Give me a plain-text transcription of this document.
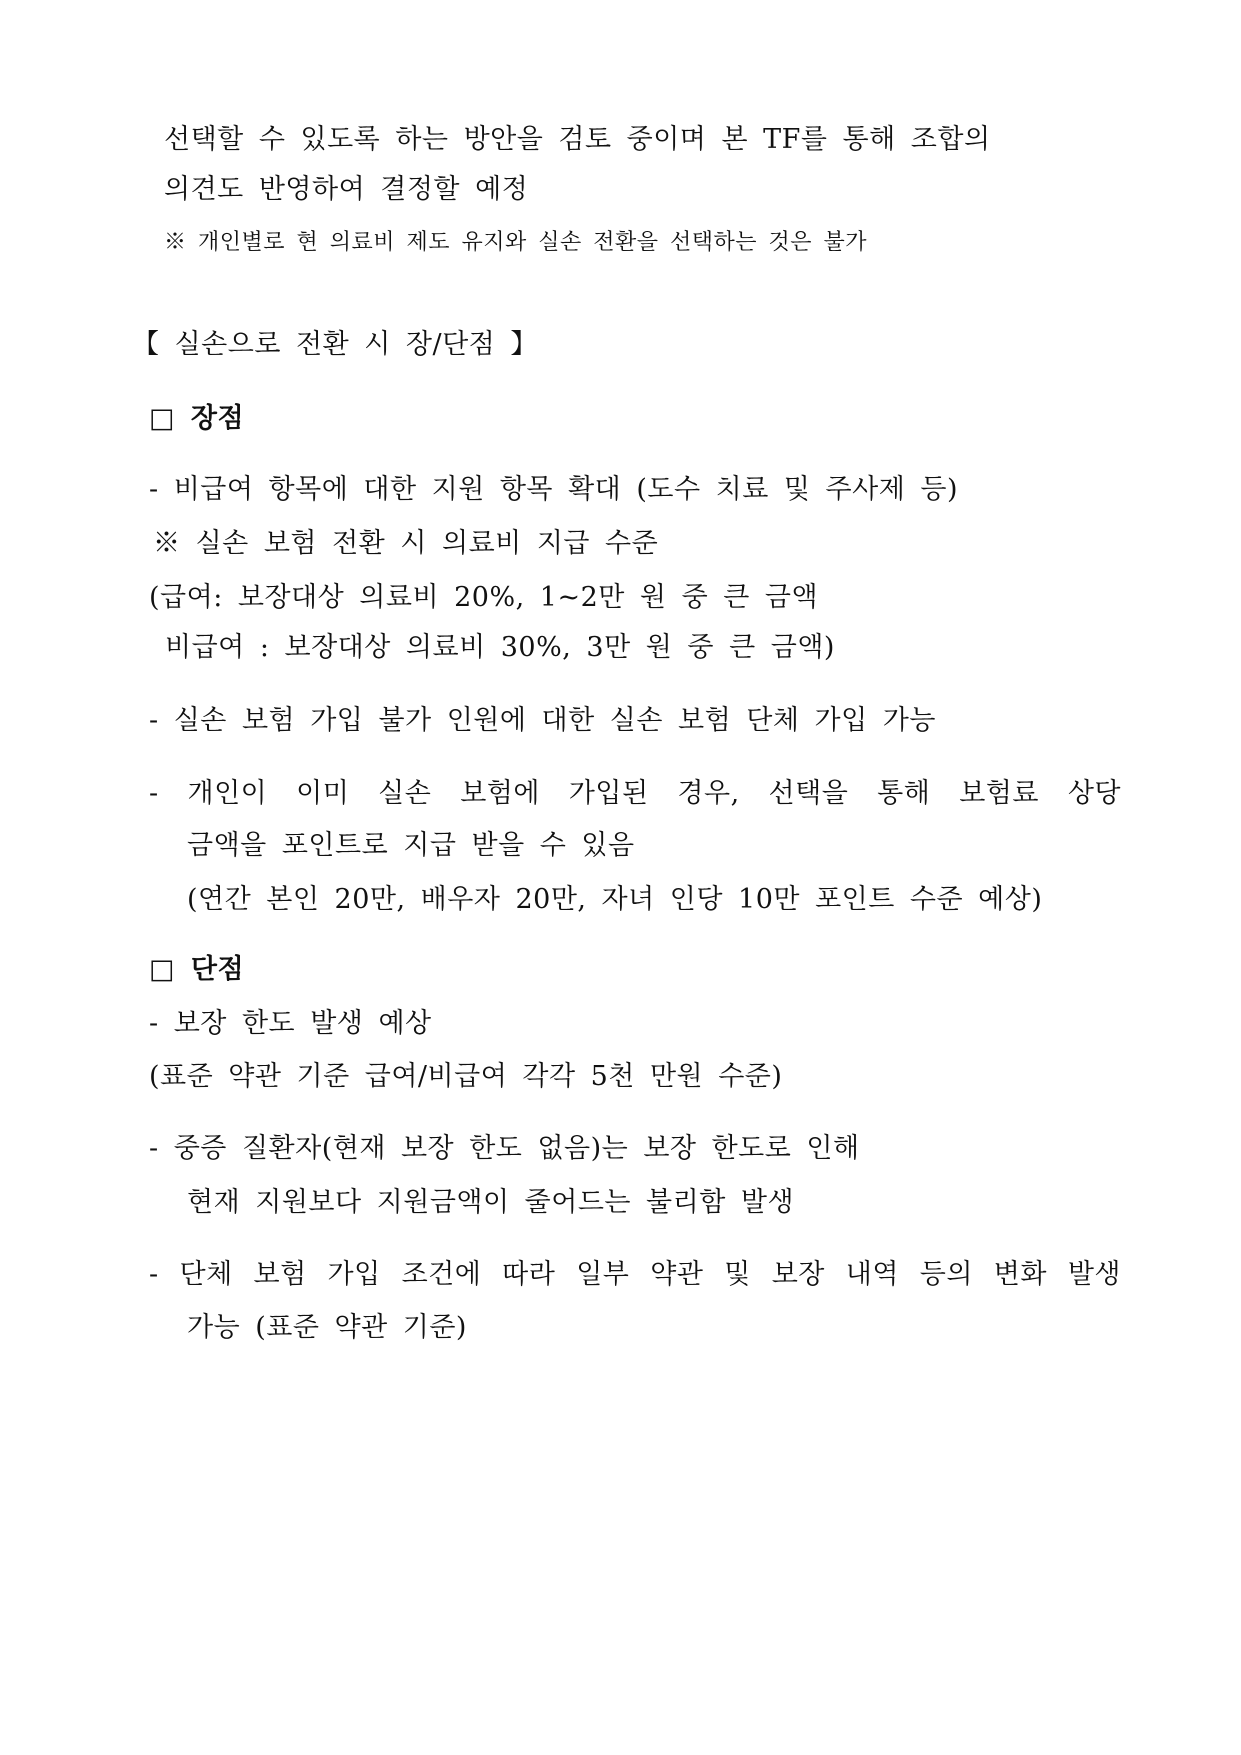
선택할 수 있도록 하는 방안을 검토 중이며 본 TF를 통해 조합의
의견도 반영하여 결정할 예정
※ 개인별로 현 의료비 제도 유지와 실손 전환을 선택하는 것은 불가
【 실손으로 전환 시 장/단점 】
□ 장점
- 비급여 항목에 대한 지원 항목 확대 (도수 치료 및 주사제 등)
※ 실손 보험 전환 시 의료비 지급 수준
(급여: 보장대상 의료비 20%, 1~2만 원 중 큰 금액
비급여 : 보장대상 의료비 30%, 3만 원 중 큰 금액)
- 실손 보험 가입 불가 인원에 대한 실손 보험 단체 가입 가능
- 개인이 이미 실손 보험에 가입된 경우, 선택을 통해 보험료 상당
금액을 포인트로 지급 받을 수 있음
(연간 본인 20만, 배우자 20만, 자녀 인당 10만 포인트 수준 예상)
□ 단점
- 보장 한도 발생 예상
(표준 약관 기준 급여/비급여 각각 5천 만원 수준)
- 중증 질환자(현재 보장 한도 없음)는 보장 한도로 인해
현재 지원보다 지원금액이 줄어드는 불리함 발생
- 단체 보험 가입 조건에 따라 일부 약관 및 보장 내역 등의 변화 발생
가능 (표준 약관 기준)
